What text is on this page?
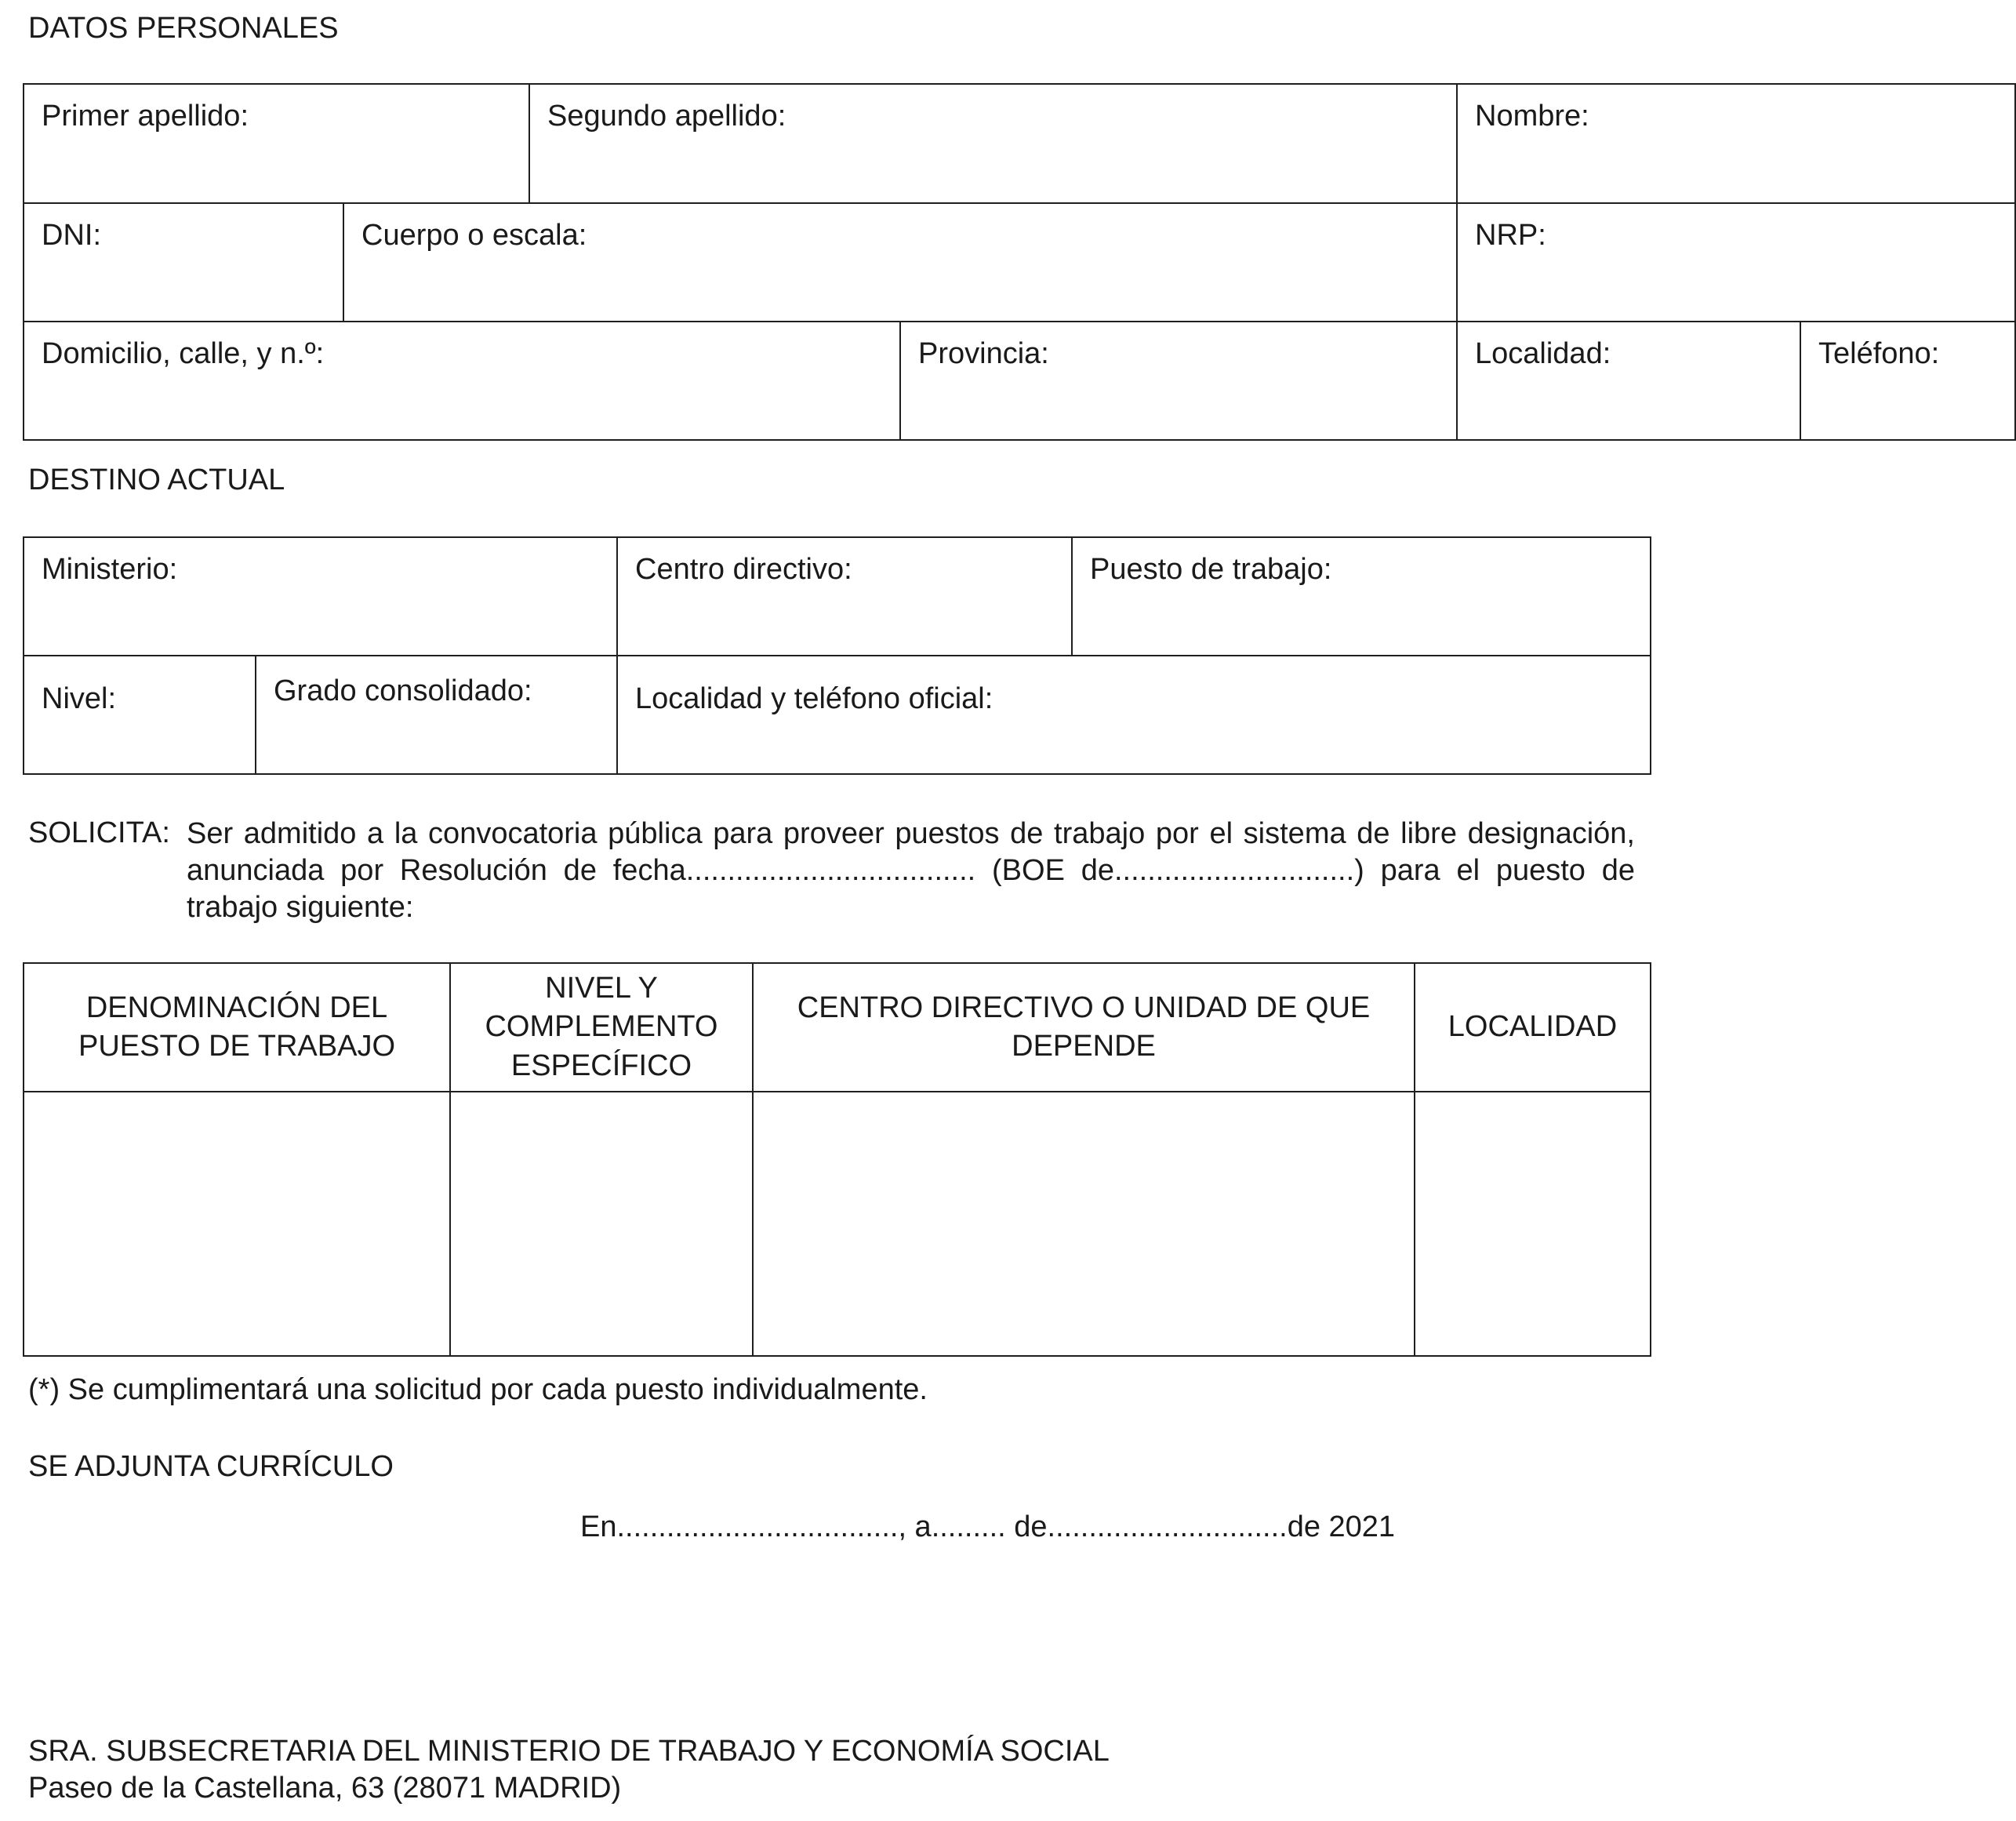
DATOS PERSONALES
Primer apellido:		Segundo apellido:		Nombre:	
DNI:	Cuerpo o escala:			NRP:	
Domicilio, calle, y n.º:			Provincia:	Localidad:	Teléfono:
DESTINO ACTUAL
Ministerio:		Centro directivo:	Puesto de trabajo:
Nivel:	Grado consolidado:	Localidad y teléfono oficial:	
SOLICITA: Ser admitido a la convocatoria pública para proveer puestos de trabajo por el sistema de libre designación, anunciada por Resolución de fecha................................... (BOE de.............................) para el puesto de trabajo siguiente:
DENOMINACIÓN DEL PUESTO DE TRABAJO	NIVEL Y COMPLEMENTO ESPECÍFICO	CENTRO DIRECTIVO O UNIDAD DE QUE DEPENDE	LOCALIDAD

(*) Se cumplimentará una solicitud por cada puesto individualmente.
SE ADJUNTA CURRÍCULO
En.................................., a......... de.............................de 2021
SRA. SUBSECRETARIA DEL MINISTERIO DE TRABAJO Y ECONOMÍA SOCIAL
Paseo de la Castellana, 63 (28071 MADRID)
